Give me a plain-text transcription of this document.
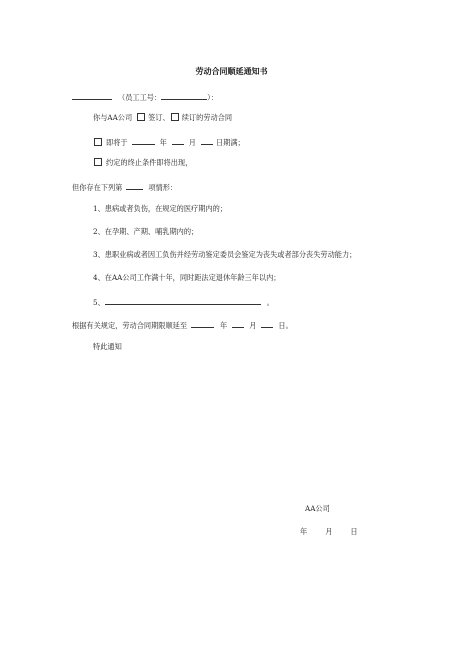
劳动合同顺延通知书
（员工工号：	）：
你与AA公司 签订、 续订的劳动合同
即将于	年	月	日期满；
约定的终止条件即将出现，
但你存在下列第	项情形：
1、患病或者负伤，在规定的医疗期内的；
2、在孕期、产期、哺乳期内的；
3、患职业病或者因工负伤并经劳动鉴定委员会鉴定为丧失或者部分丧失劳动能力；
4、在AA公司工作满十年，同时距法定退休年龄三年以内；
5、	。
根据有关规定，劳动合同期限顺延至	年	月	日。
特此通知
AA公司
年	月	日
